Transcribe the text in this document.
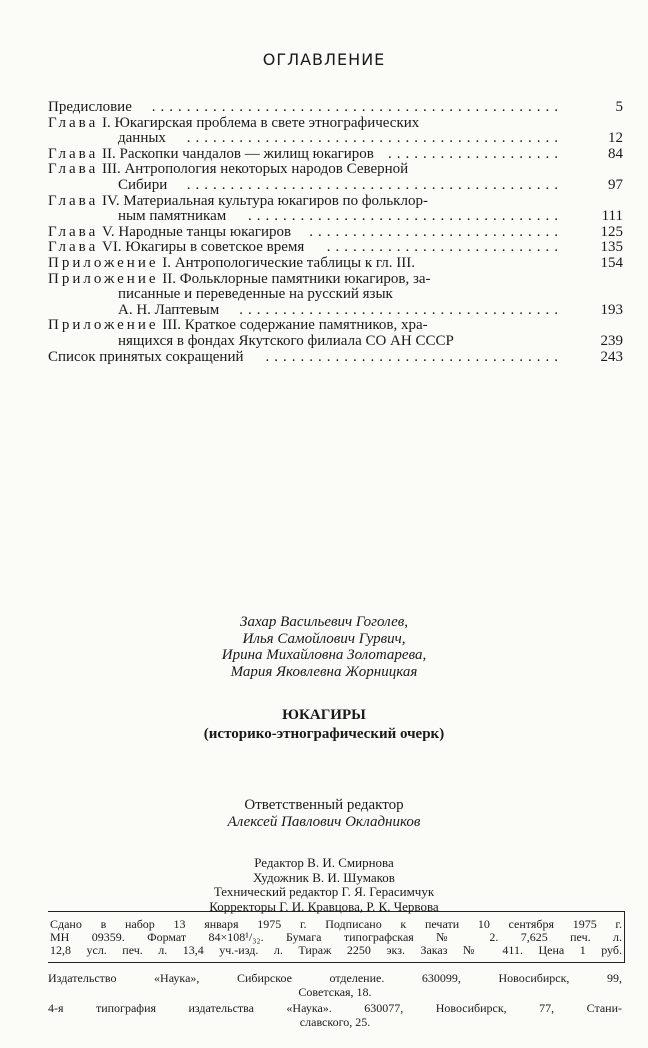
ОГЛАВЛЕНИЕ
Предисловие	...............................................	5
Глава I. Юкагирская проблема в свете этнографических
данных	...........................................	12
Глава II. Раскопки чандалов — жилищ юкагиров ....................	84
Глава III. Антропология некоторых народов Северной
Сибири	...........................................	97
Глава IV. Материальная культура юкагиров по фольклор-
ным памятникам	....................................	111
Глава V. Народные танцы юкагиров	.............................	125
Глава VI. Юкагиры в советское время	...........................	135
Приложение I. Антропологические таблицы к гл. III.	154
Приложение II. Фольклорные памятники юкагиров, за-
писанные и переведенные на русский язык
А. Н. Лаптевым	.....................................	193
Приложение III. Краткое содержание памятников, хра-
нящихся в фондах Якутского филиала СО АН СССР	239
Список принятых сокращений	..................................	243
Захар Васильевич Гоголев,
Илья Самойлович Гурвич,
Ирина Михайловна Золотарева,
Мария Яковлевна Жорницкая
ЮКАГИРЫ
(историко-этнографический очерк)
Ответственный редактор
Алексей Павлович Окладников
Редактор В. И. Смирнова
Художник В. И. Шумаков
Технический редактор Г. Я. Герасимчук
Корректоры Г. И. Кравцова, Р. К. Червова
Сдано в набор 13 января 1975 г. Подписано к печати 10 сентября 1975 г.
МН 09359. Формат 84×108¹/₃₂. Бумага типографская № 2. 7,625 печ. л.
12,8 усл. печ. л. 13,4 уч.-изд. л. Тираж 2250 экз. Заказ № 411. Цена 1 руб.
Издательство «Наука», Сибирское отделение. 630099, Новосибирск, 99,
Советская, 18.
4-я типография издательства «Наука». 630077, Новосибирск, 77, Стани-
славского, 25.
